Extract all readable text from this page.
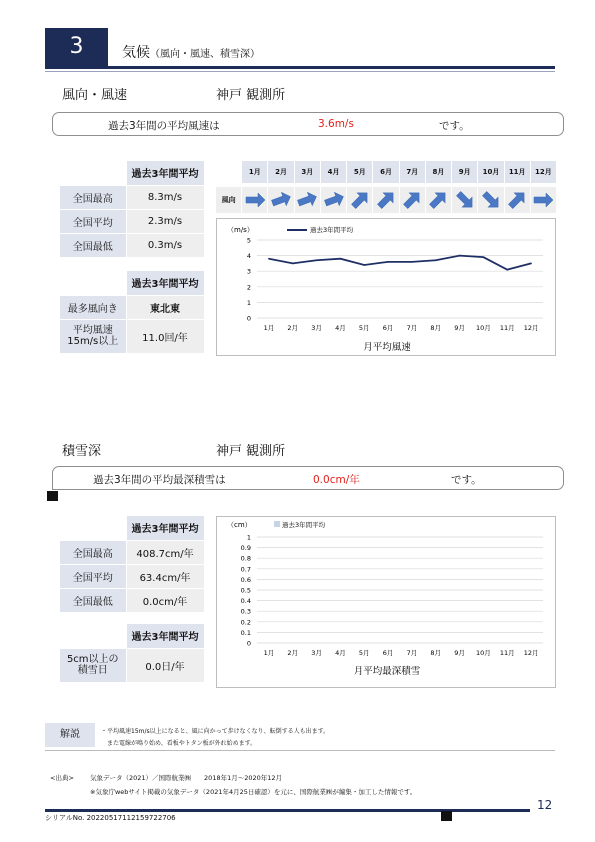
3	気候（風向・風速、積雪深）
風向・風速	神戸 観測所
過去3年間の平均風速は	3.6m/s	です。
	過去3年間平均
全国最高	8.3m/s
全国平均	2.3m/s
全国最低	0.3m/s
	過去3年間平均
最多風向き	東北東
平均風速
15m/s以上	11.0回/年
1月	2月	3月	4月	5月	6月	7月	8月	9月	10月	11月	12月
風向
（m/s）	過去3年間平均
月平均風速
0
1
2
3
4
5
1月 2月 3月 4月 5月 6月 7月 8月 9月 10月 11月 12月
積雪深	神戸 観測所
過去3年間の平均最深積雪は	0.0cm/年	です。
	過去3年間平均
全国最高	408.7cm/年
全国平均	63.4cm/年
全国最低	0.0cm/年
	過去3年間平均
5cm以上の
積雪日	0.0日/年
（cm）	過去3年間平均
月平均最深積雪
0
0.1
0.2
0.3
0.4
0.5
0.6
0.7
0.8
0.9
1
1月 2月 3月 4月 5月 6月 7月 8月 9月 10月 11月 12月
解説	・平均風速15m/s以上になると、風に向かって歩けなくなり、転倒する人も出ます。
また電線が鳴り始め、看板やトタン板が外れ始めます。
<出典> 気象データ（2021）／国際航業㈱　　2018年1月～2020年12月
※気象庁webサイト掲載の気象データ（2021年4月25日確認）を元に、国際航業㈱が編集・加工した情報です。
12
シリアルNo. 20220517112159722706
